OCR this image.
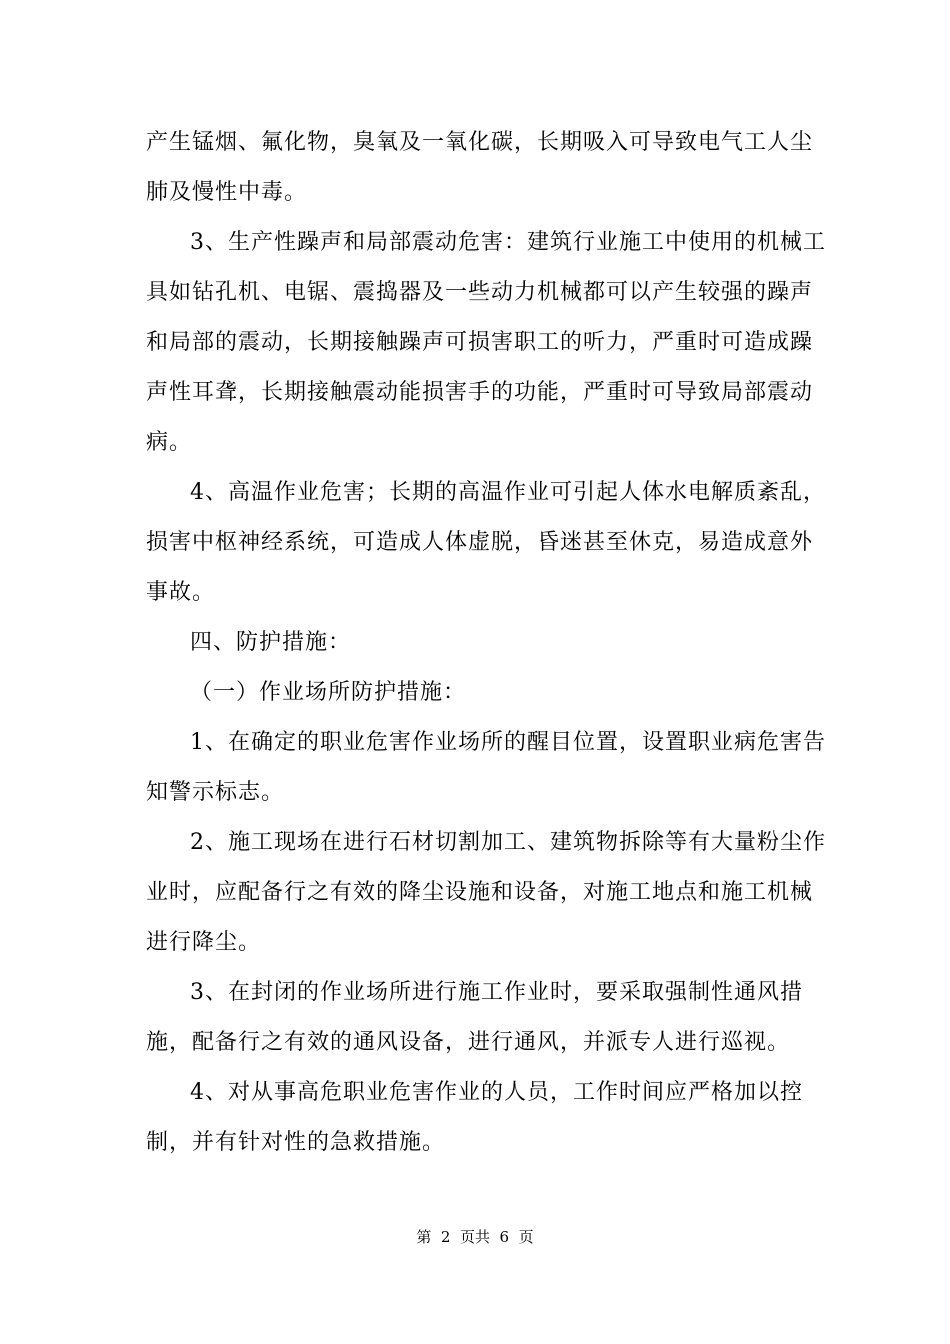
产生锰烟、氟化物，臭氧及一氧化碳，长期吸入可导致电气工人尘
肺及慢性中毒。
3、生产性躁声和局部震动危害：建筑行业施工中使用的机械工
具如钻孔机、电锯、震捣器及一些动力机械都可以产生较强的躁声
和局部的震动，长期接触躁声可损害职工的听力，严重时可造成躁
声性耳聋，长期接触震动能损害手的功能，严重时可导致局部震动
病。
4、高温作业危害；长期的高温作业可引起人体水电解质紊乱，
损害中枢神经系统，可造成人体虚脱，昏迷甚至休克，易造成意外
事故。
四、防护措施：
（一）作业场所防护措施：
1、在确定的职业危害作业场所的醒目位置，设置职业病危害告
知警示标志。
2、施工现场在进行石材切割加工、建筑物拆除等有大量粉尘作
业时，应配备行之有效的降尘设施和设备，对施工地点和施工机械
进行降尘。
3、在封闭的作业场所进行施工作业时，要采取强制性通风措
施，配备行之有效的通风设备，进行通风，并派专人进行巡视。
4、对从事高危职业危害作业的人员，工作时间应严格加以控
制，并有针对性的急救措施。
第  2  页共  6  页
